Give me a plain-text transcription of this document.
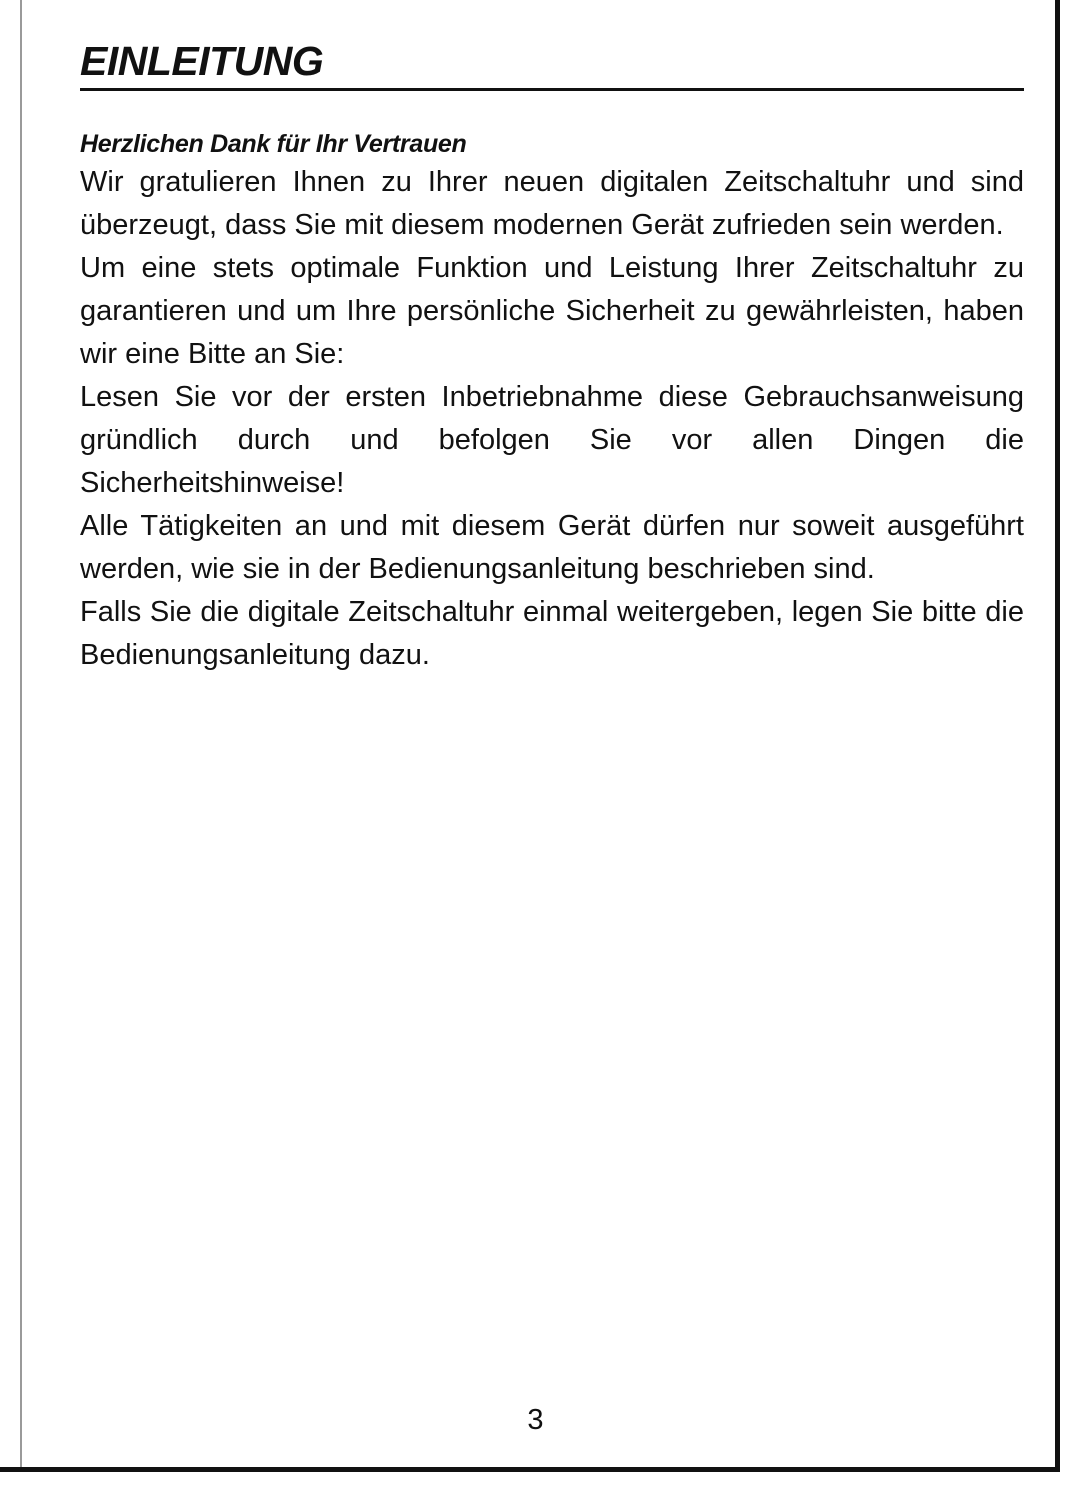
EINLEITUNG
Herzlichen Dank für Ihr Vertrauen

Wir gratulieren Ihnen zu Ihrer neuen digitalen Zeitschaltuhr und sind überzeugt, dass Sie mit diesem modernen Gerät zufrieden sein werden.

Um eine stets optimale Funktion und Leistung Ihrer Zeitschaltuhr zu garantieren und um Ihre persönliche Sicherheit zu gewährleisten, haben wir eine Bitte an Sie:

Lesen Sie vor der ersten Inbetriebnahme diese Gebrauchsanweisung gründlich durch und befolgen Sie vor allen Dingen die Sicherheitshinweise!

Alle Tätigkeiten an und mit diesem Gerät dürfen nur soweit ausgeführt werden, wie sie in der Bedienungsanleitung beschrieben sind.

Falls Sie die digitale Zeitschaltuhr einmal weitergeben, legen Sie bitte die Bedienungsanleitung dazu.

3
